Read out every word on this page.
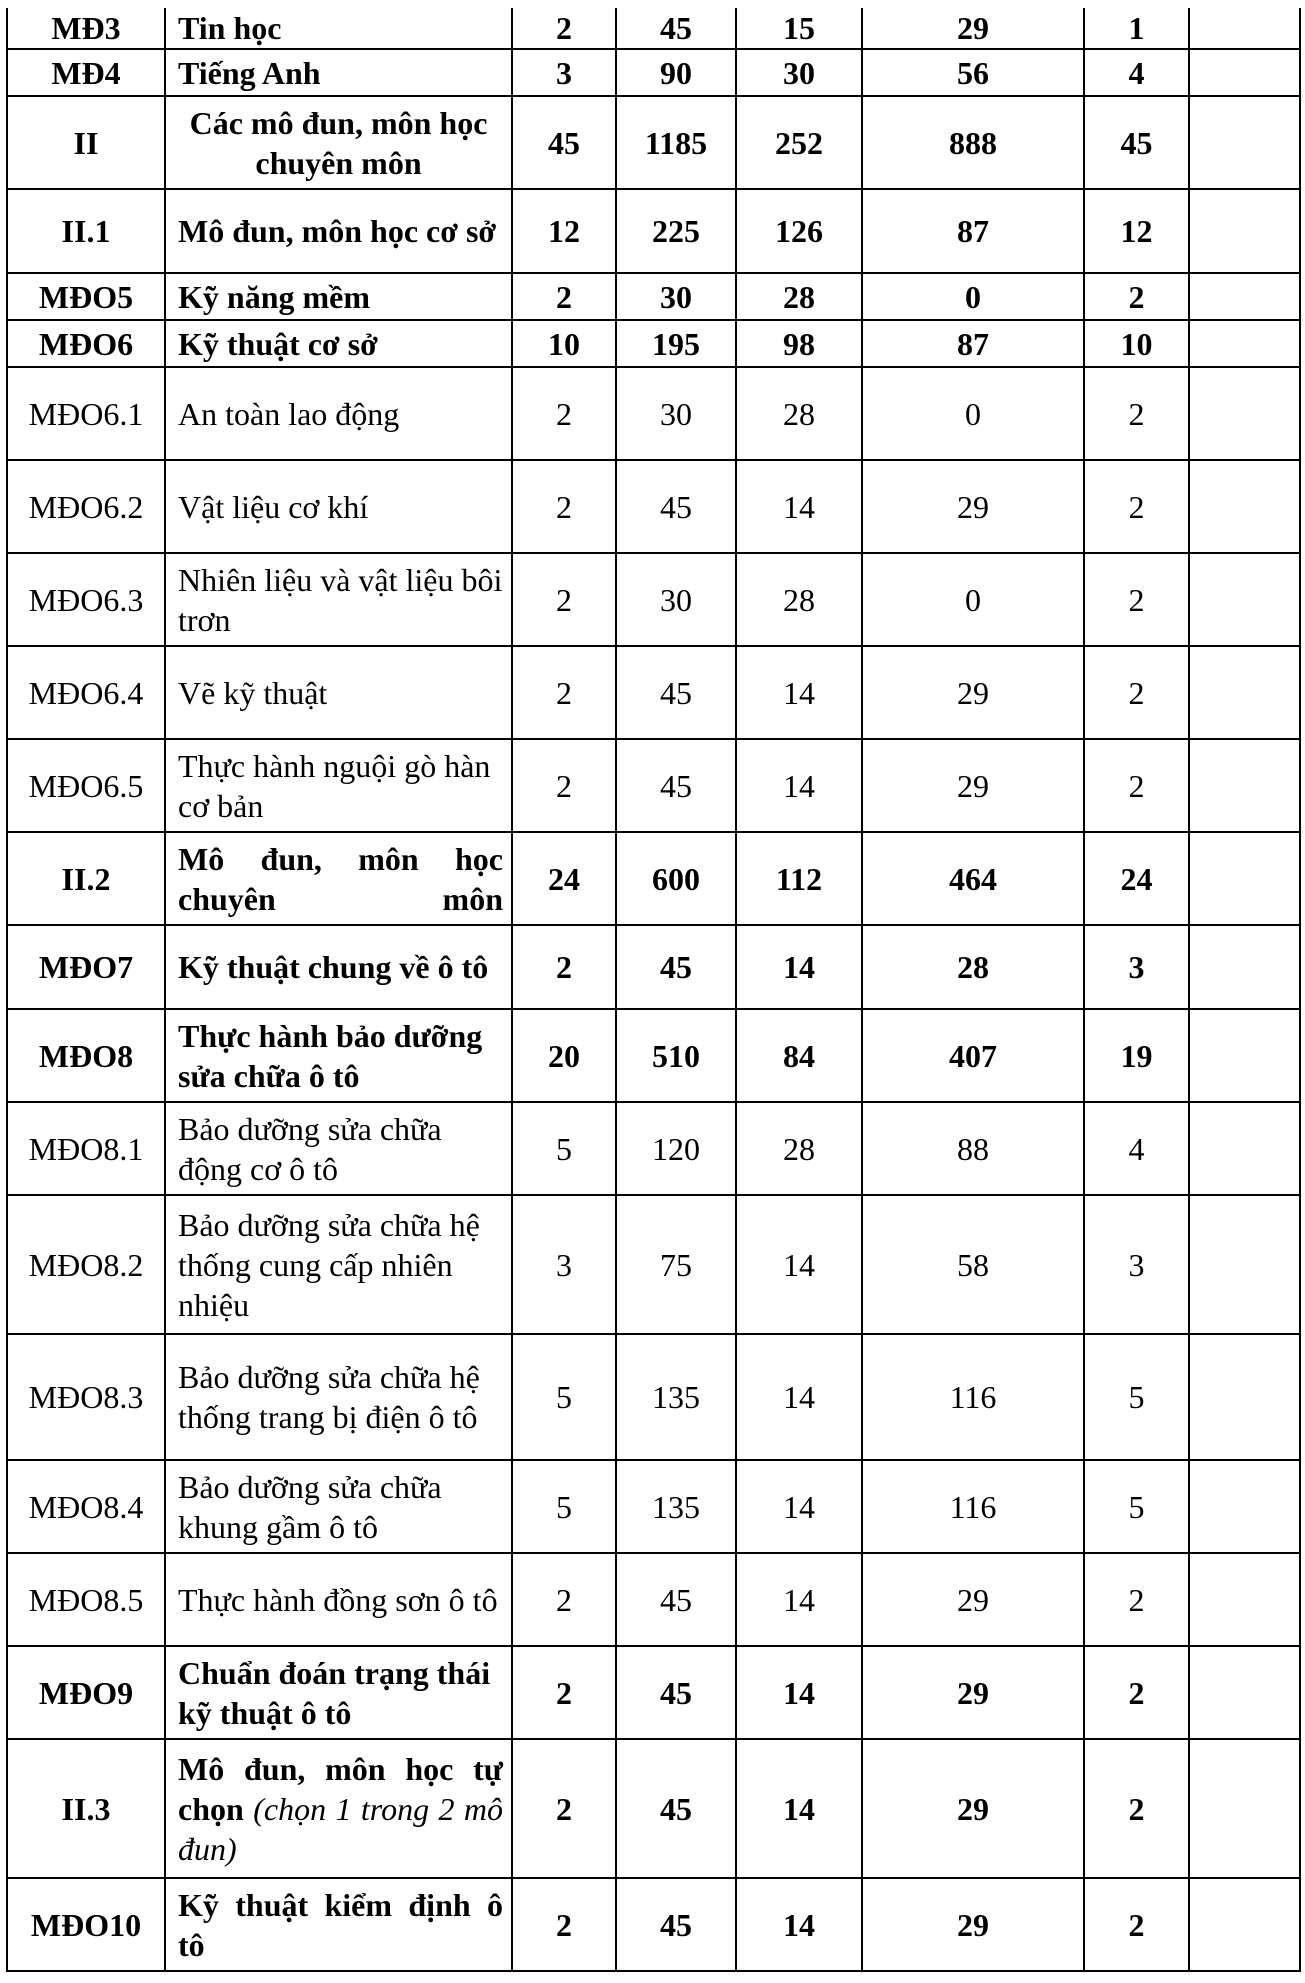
MĐ3	Tin học	2	45	15	29	1	
MĐ4	Tiếng Anh	3	90	30	56	4	
II	Các mô đun, môn học chuyên môn	45	1185	252	888	45	
II.1	Mô đun, môn học cơ sở	12	225	126	87	12	
MĐO5	Kỹ năng mềm	2	30	28	0	2	
MĐO6	Kỹ thuật cơ sở	10	195	98	87	10	
MĐO6.1	An toàn lao động	2	30	28	0	2	
MĐO6.2	Vật liệu cơ khí	2	45	14	29	2	
MĐO6.3	Nhiên liệu và vật liệu bôi trơn	2	30	28	0	2	
MĐO6.4	Vẽ kỹ thuật	2	45	14	29	2	
MĐO6.5	Thực hành nguội gò hàn cơ bản	2	45	14	29	2	
II.2	Mô đun, môn học chuyên môn	24	600	112	464	24	
MĐO7	Kỹ thuật chung về ô tô	2	45	14	28	3	
MĐO8	Thực hành bảo dưỡng sửa chữa ô tô	20	510	84	407	19	
MĐO8.1	Bảo dưỡng sửa chữa động cơ ô tô	5	120	28	88	4	
MĐO8.2	Bảo dưỡng sửa chữa hệ thống cung cấp nhiên nhiệu	3	75	14	58	3	
MĐO8.3	Bảo dưỡng sửa chữa hệ thống trang bị điện ô tô	5	135	14	116	5	
MĐO8.4	Bảo dưỡng sửa chữa khung gầm ô tô	5	135	14	116	5	
MĐO8.5	Thực hành đồng sơn ô tô	2	45	14	29	2	
MĐO9	Chuẩn đoán trạng thái kỹ thuật ô tô	2	45	14	29	2	
II.3	Mô đun, môn học tự chọn (chọn 1 trong 2 mô đun)	2	45	14	29	2	
MĐO10	Kỹ thuật kiểm định ô tô	2	45	14	29	2	
